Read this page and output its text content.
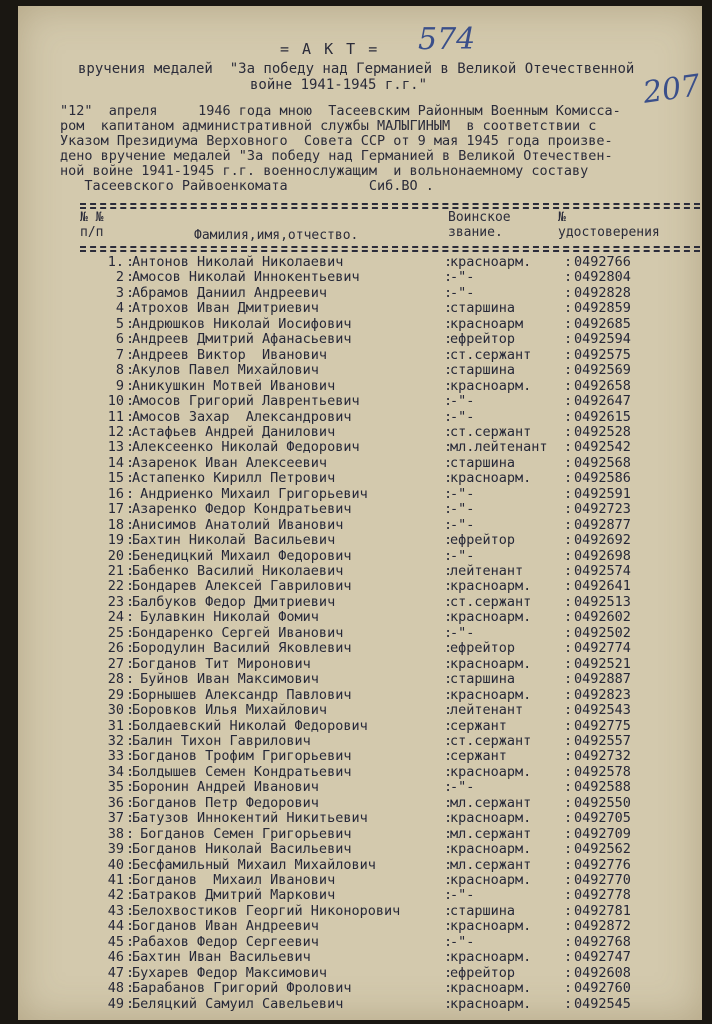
574
207
= А К Т =
вручения медалей  "За победу над Германией в Великой Отечественной
войне 1941-1945 г.г."
"12"  апреля     1946 года мною  Тасеевским Районным Военным Комисса-
ром  капитаном административной службы МАЛЫГИНЫМ  в соответствии с
Указом Президиума Верховного  Совета ССР от 9 мая 1945 года произве-
дено вручение медалей "За победу над Германией в Великой Отечествен-
ной войне 1941-1945 г.г. военнослужащим  и вольнонаемному составу
Тасеевского Райвоенкомата          Сиб.ВО .
№ №
п/п	Фамилия,имя,отчество.
Воинское
звание.
№
удостоверения
1. Антонов Николай Николаевич	красноарм.	0492766
:	:	:
2 Амосов Николай Иннокентьевич	-"-	0492804
:	:	:
3 Абрамов Даниил Андреевич	-"-	0492828
:	:	:
4 Атрохов Иван Дмитриевич	старшина	0492859
:	:	:
5 Андрюшков Николай Иосифович	красноарм	0492685
:	:	:
6 Андреев Дмитрий Афанасьевич	ефрейтор	0492594
:	:	:
7 Андреев Виктор  Иванович	ст.сержант	0492575
:	:	:
8 Акулов Павел Михайлович	старшина	0492569
:	:	:
9 Аникушкин Мотвей Иванович	красноарм.	0492658
:	:	:
10 Амосов Григорий Лаврентьевич	-"-	0492647
:	:	:
11 Амосов Захар  Александрович	-"-	0492615
:	:	:
12 Астафьев Андрей Данилович	ст.сержант	0492528
:	:	:
13 Алексеенко Николай Федорович	мл.лейтенант 0492542
:	:	:
14 Азаренок Иван Алексеевич	старшина	0492568
:	:	:
15 Астапенко Кирилл Петрович	красноарм.	0492586
:	:	:
16 Андриенко Михаил Григорьевич	-"-	0492591
:	:	:
17 Азаренко Федор Кондратьевич	-"-	0492723
:	:	:
18 Анисимов Анатолий Иванович	-"-	0492877
:	:	:
19 Бахтин Николай Васильевич	ефрейтор	0492692
:	:	:
20 Бенедицкий Михаил Федорович	-"-	0492698
:	:	:
21 Бабенко Василий Николаевич	лейтенант	0492574
:	:	:
22 Бондарев Алексей Гаврилович	красноарм.	0492641
:	:	:
23 Балбуков Федор Дмитриевич	ст.сержант	0492513
:	:	:
24 Булавкин Николай Фомич	красноарм.	0492602
:	:	:
25 Бондаренко Сергей Иванович	-"-	0492502
:	:	:
26 Бородулин Василий Яковлевич	ефрейтор	0492774
:	:	:
27 Богданов Тит Миронович	красноарм.	0492521
:	:	:
28 Буйнов Иван Максимович	старшина	0492887
:	:	:
29 Борнышев Александр Павлович	красноарм.	0492823
:	:	:
30 Боровков Илья Михайлович	лейтенант	0492543
:	:	:
31 Болдаевский Николай Федорович	сержант	0492775
:	:	:
32 Балин Тихон Гаврилович	ст.сержант	0492557
:	:	:
33 Богданов Трофим Григорьевич	сержант	0492732
:	:	:
34 Болдышев Семен Кондратьевич	красноарм.	0492578
:	:	:
35 Боронин Андрей Иванович	-"-	0492588
:	:	:
36 Богданов Петр Федорович	мл.сержант	0492550
:	:	:
37 Батузов Иннокентий Никитьевич	красноарм.	0492705
:	:	:
38 Богданов Семен Григорьевич	мл.сержант	0492709
:	:	:
39 Богданов Николай Васильевич	красноарм.	0492562
:	:	:
40 Бесфамильный Михаил Михайлович	мл.сержант	0492776
:	:	:
41 Богданов  Михаил Иванович	красноарм.	0492770
:	:	:
42 Батраков Дмитрий Маркович	-"-	0492778
:	:	:
43 Белохвостиков Георгий Никонорович	старшина	0492781
:	:	:
44 Богданов Иван Андреевич	красноарм.	0492872
:	:	:
45 Рабахов Федор Сергеевич	-"-	0492768
:	:	:
46 Бахтин Иван Васильевич	красноарм.	0492747
:	:	:
47 Бухарев Федор Максимович	ефрейтор	0492608
:	:	:
48 Барабанов Григорий Фролович	красноарм.	0492760
:	:	:
49 Беляцкий Самуил Савельевич	красноарм.	0492545
:	:	:
